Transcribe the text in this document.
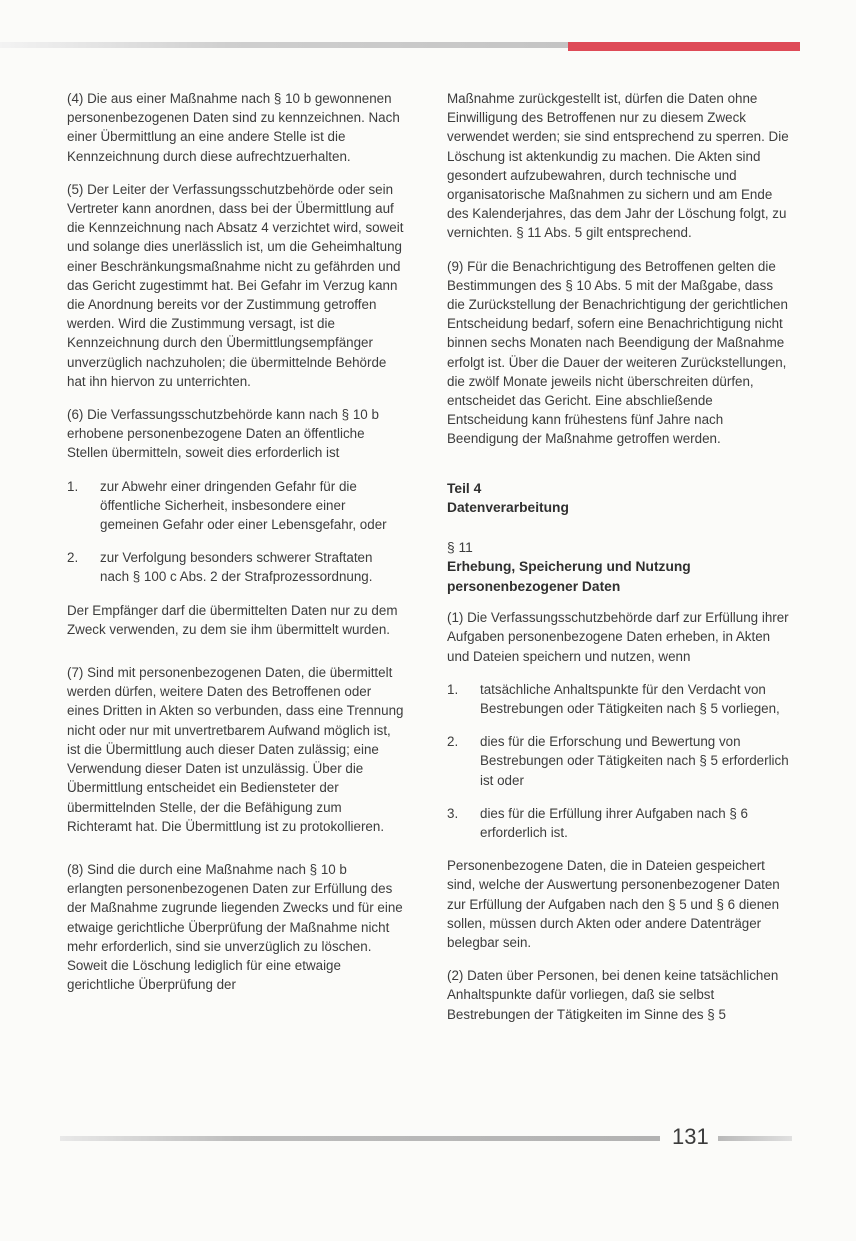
(4) Die aus einer Maßnahme nach § 10 b gewonnenen personenbezogenen Daten sind zu kennzeichnen. Nach einer Übermittlung an eine andere Stelle ist die Kennzeichnung durch diese aufrechtzuerhalten.

(5) Der Leiter der Verfassungsschutzbehörde oder sein Vertreter kann anordnen, dass bei der Übermittlung auf die Kennzeichnung nach Absatz 4 verzichtet wird, soweit und solange dies unerlässlich ist, um die Geheimhaltung einer Beschränkungsmaßnahme nicht zu gefährden und das Gericht zugestimmt hat. Bei Gefahr im Verzug kann die Anordnung bereits vor der Zustimmung getroffen werden. Wird die Zustimmung versagt, ist die Kennzeichnung durch den Übermittlungsempfänger unverzüglich nachzuholen; die übermittelnde Behörde hat ihn hiervon zu unterrichten.

(6) Die Verfassungsschutzbehörde kann nach § 10 b erhobene personenbezogene Daten an öffentliche Stellen übermitteln, soweit dies erforderlich ist

1.	zur Abwehr einer dringenden Gefahr für die öffentliche Sicherheit, insbesondere einer gemeinen Gefahr oder einer Lebensgefahr, oder
2.	zur Verfolgung besonders schwerer Straftaten nach § 100 c Abs. 2 der Strafprozessordnung.

Der Empfänger darf die übermittelten Daten nur zu dem Zweck verwenden, zu dem sie ihm übermittelt wurden.

(7) Sind mit personenbezogenen Daten, die übermittelt werden dürfen, weitere Daten des Betroffenen oder eines Dritten in Akten so verbunden, dass eine Trennung nicht oder nur mit unvertretbarem Aufwand möglich ist, ist die Übermittlung auch dieser Daten zulässig; eine Verwendung dieser Daten ist unzulässig. Über die Übermittlung entscheidet ein Bediensteter der übermittelnden Stelle, der die Befähigung zum Richteramt hat. Die Übermittlung ist zu protokollieren.

(8) Sind die durch eine Maßnahme nach § 10 b erlangten personenbezogenen Daten zur Erfüllung des der Maßnahme zugrunde liegenden Zwecks und für eine etwaige gerichtliche Überprüfung der Maßnahme nicht mehr erforderlich, sind sie unverzüglich zu löschen. Soweit die Löschung lediglich für eine etwaige gerichtliche Überprüfung der

Maßnahme zurückgestellt ist, dürfen die Daten ohne Einwilligung des Betroffenen nur zu diesem Zweck verwendet werden; sie sind entsprechend zu sperren. Die Löschung ist aktenkundig zu machen. Die Akten sind gesondert aufzubewahren, durch technische und organisatorische Maßnahmen zu sichern und am Ende des Kalenderjahres, das dem Jahr der Löschung folgt, zu vernichten. § 11 Abs. 5 gilt entsprechend.

(9) Für die Benachrichtigung des Betroffenen gelten die Bestimmungen des § 10 Abs. 5 mit der Maßgabe, dass die Zurückstellung der Benachrichtigung der gerichtlichen Entscheidung bedarf, sofern eine Benachrichtigung nicht binnen sechs Monaten nach Beendigung der Maßnahme erfolgt ist. Über die Dauer der weiteren Zurückstellungen, die zwölf Monate jeweils nicht überschreiten dürfen, entscheidet das Gericht. Eine abschließende Entscheidung kann frühestens fünf Jahre nach Beendigung der Maßnahme getroffen werden.

Teil 4
Datenverarbeitung
§ 11
Erhebung, Speicherung und Nutzung personenbezogener Daten

(1) Die Verfassungsschutzbehörde darf zur Erfüllung ihrer Aufgaben personenbezogene Daten erheben, in Akten und Dateien speichern und nutzen, wenn

1.	tatsächliche Anhaltspunkte für den Verdacht von Bestrebungen oder Tätigkeiten nach § 5 vorliegen,
2.	dies für die Erforschung und Bewertung von Bestrebungen oder Tätigkeiten nach § 5 erforderlich ist oder
3.	dies für die Erfüllung ihrer Aufgaben nach § 6 erforderlich ist.

Personenbezogene Daten, die in Dateien gespeichert sind, welche der Auswertung personenbezogener Daten zur Erfüllung der Aufgaben nach den § 5 und § 6 dienen sollen, müssen durch Akten oder andere Datenträger belegbar sein.

(2) Daten über Personen, bei denen keine tatsächlichen Anhaltspunkte dafür vorliegen, daß sie selbst Bestrebungen der Tätigkeiten im Sinne des § 5

131
